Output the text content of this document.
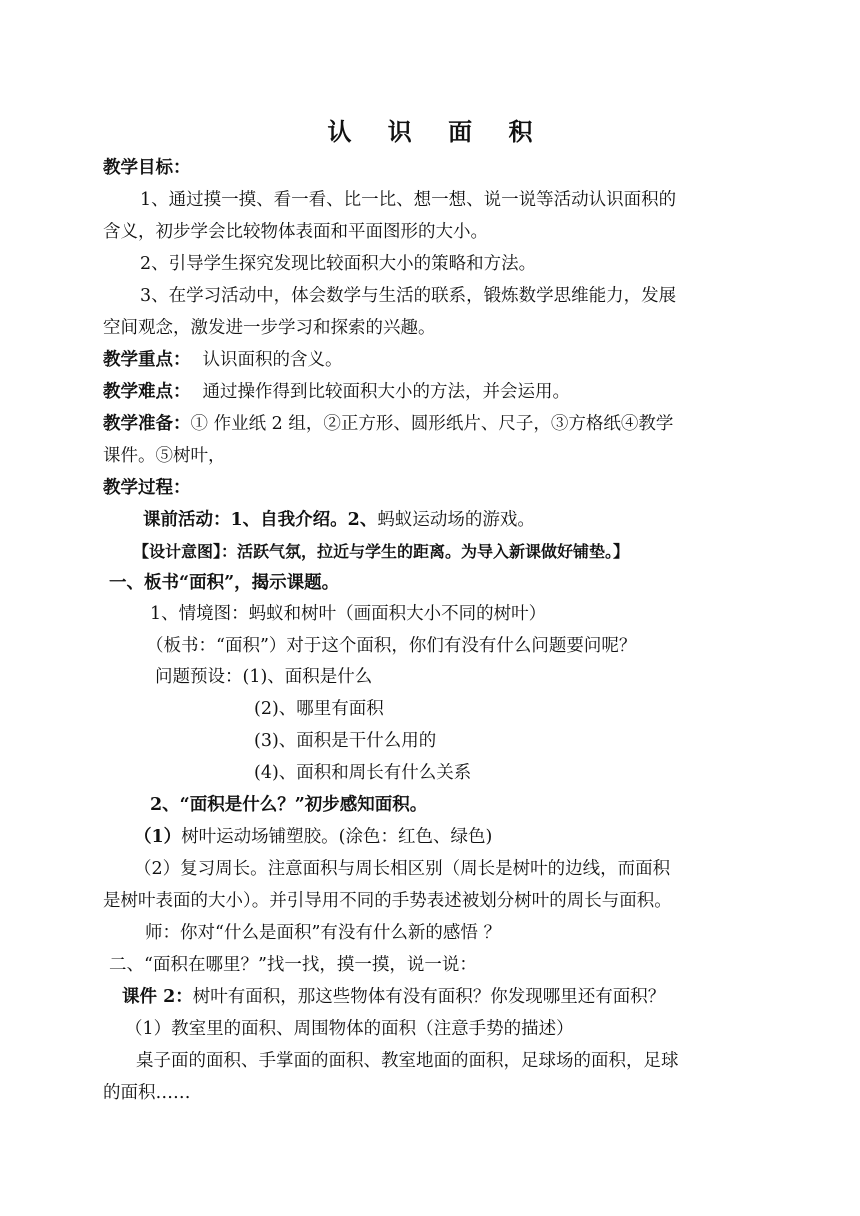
认 识 面 积
教学目标：
1、通过摸一摸、看一看、比一比、想一想、说一说等活动认识面积的
含义，初步学会比较物体表面和平面图形的大小。
2、引导学生探究发现比较面积大小的策略和方法。
3、在学习活动中，体会数学与生活的联系，锻炼数学思维能力，发展
空间观念，激发进一步学习和探索的兴趣。
教学重点： 认识面积的含义。
教学难点： 通过操作得到比较面积大小的方法，并会运用。
教学准备：① 作业纸 2 组，②正方形、圆形纸片、尺子，③方格纸④教学
课件。⑤树叶，
教学过程：
课前活动：1、自我介绍。2、蚂蚁运动场的游戏。
【设计意图】：活跃气氛，拉近与学生的距离。为导入新课做好铺垫。】
一、板书“面积”，揭示课题。
1、情境图：蚂蚁和树叶（画面积大小不同的树叶）
（板书：“面积”）对于这个面积，你们有没有什么问题要问呢？
问题预设：(1)、面积是什么
(2)、哪里有面积
(3)、面积是干什么用的
(4)、面积和周长有什么关系
2、“面积是什么？”初步感知面积。
（1）树叶运动场铺塑胶。(涂色：红色、绿色)
（2）复习周长。注意面积与周长相区别（周长是树叶的边线，而面积
是树叶表面的大小）。并引导用不同的手势表述被划分树叶的周长与面积。
师：你对“什么是面积”有没有什么新的感悟 ？
二、“面积在哪里？”找一找，摸一摸，说一说：
课件 2：树叶有面积，那这些物体有没有面积？你发现哪里还有面积？
（1）教室里的面积、周围物体的面积（注意手势的描述）
桌子面的面积、手掌面的面积、教室地面的面积，足球场的面积，足球
的面积……
